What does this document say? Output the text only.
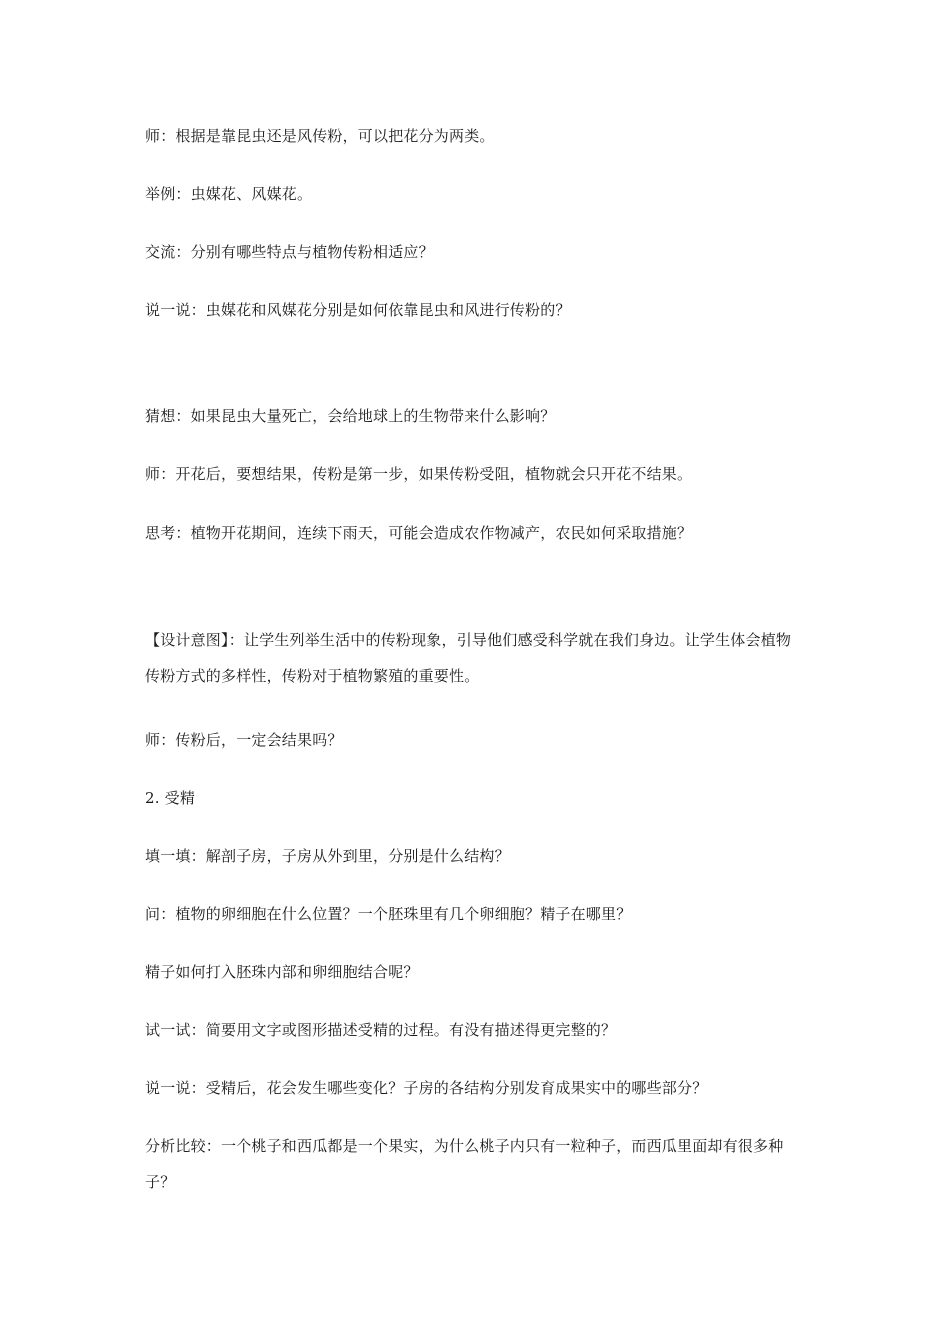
师：根据是靠昆虫还是风传粉，可以把花分为两类。
举例：虫媒花、风媒花。
交流：分别有哪些特点与植物传粉相适应？
说一说：虫媒花和风媒花分别是如何依靠昆虫和风进行传粉的？
猜想：如果昆虫大量死亡，会给地球上的生物带来什么影响？
师：开花后，要想结果，传粉是第一步，如果传粉受阻，植物就会只开花不结果。
思考：植物开花期间，连续下雨天，可能会造成农作物减产，农民如何采取措施？
【设计意图】：让学生列举生活中的传粉现象，引导他们感受科学就在我们身边。让学生体会植物传粉方式的多样性，传粉对于植物繁殖的重要性。
师：传粉后，一定会结果吗？
2. 受精
填一填：解剖子房，子房从外到里，分别是什么结构？
问：植物的卵细胞在什么位置？一个胚珠里有几个卵细胞？精子在哪里？
精子如何打入胚珠内部和卵细胞结合呢？
试一试：简要用文字或图形描述受精的过程。有没有描述得更完整的？
说一说：受精后，花会发生哪些变化？子房的各结构分别发育成果实中的哪些部分？
分析比较：一个桃子和西瓜都是一个果实，为什么桃子内只有一粒种子，而西瓜里面却有很多种子？
